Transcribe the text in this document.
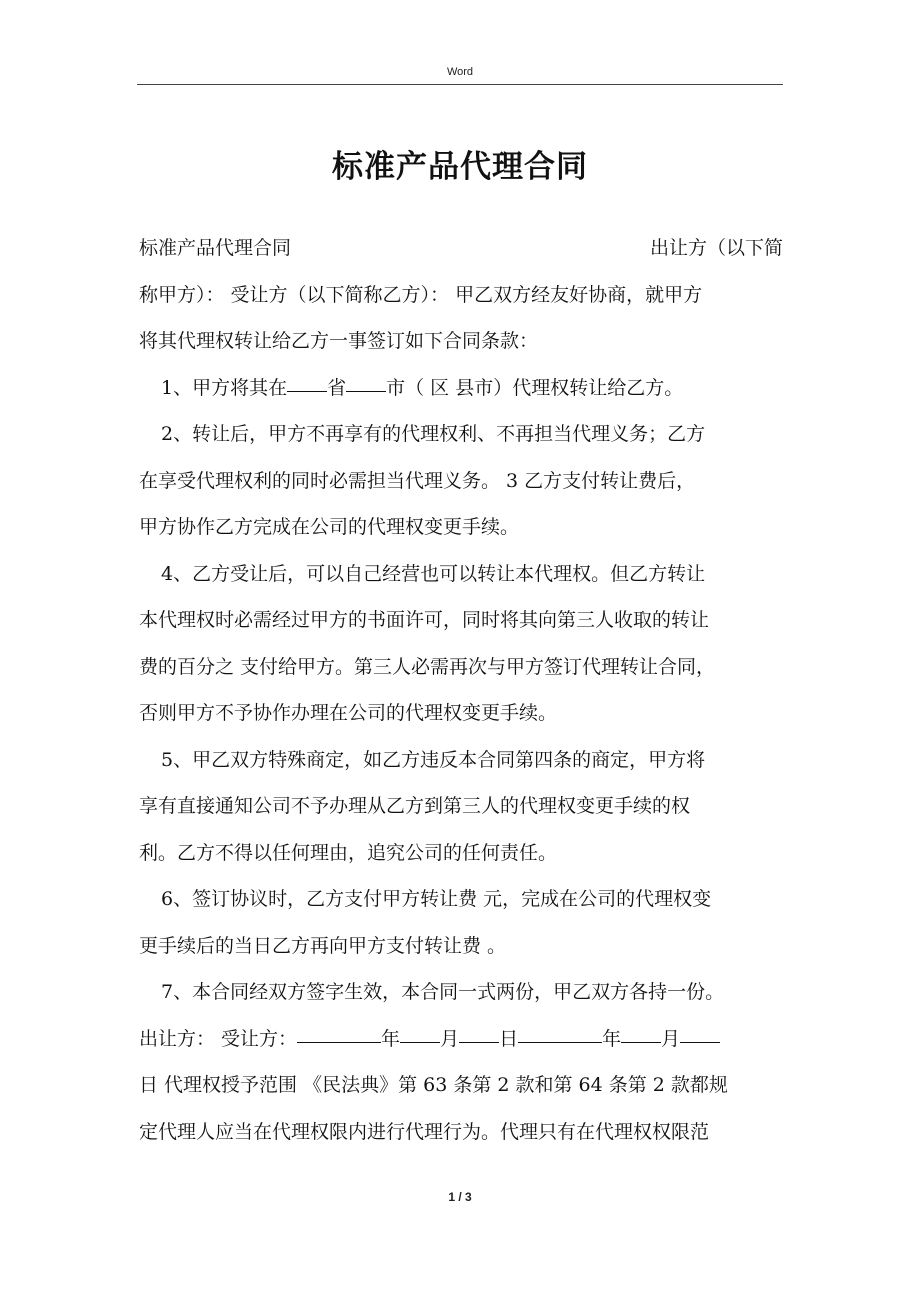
Word
标准产品代理合同
标准产品代理合同	出让方（以下简
称甲方）： 受让方（以下简称乙方）： 甲乙双方经友好协商，就甲方
将其代理权转让给乙方一事签订如下合同条款：
1、甲方将其在 省 市（ 区 县市）代理权转让给乙方。
2、转让后，甲方不再享有的代理权利、不再担当代理义务；乙方
在享受代理权利的同时必需担当代理义务。 3 乙方支付转让费后，
甲方协作乙方完成在公司的代理权变更手续。
4、乙方受让后，可以自己经营也可以转让本代理权。但乙方转让
本代理权时必需经过甲方的书面许可，同时将其向第三人收取的转让
费的百分之 支付给甲方。第三人必需再次与甲方签订代理转让合同，
否则甲方不予协作办理在公司的代理权变更手续。
5、甲乙双方特殊商定，如乙方违反本合同第四条的商定，甲方将
享有直接通知公司不予办理从乙方到第三人的代理权变更手续的权
利。乙方不得以任何理由，追究公司的任何责任。
6、签订协议时，乙方支付甲方转让费 元，完成在公司的代理权变
更手续后的当日乙方再向甲方支付转让费 。
7、本合同经双方签字生效，本合同一式两份，甲乙双方各持一份。
出让方： 受让方：	年 月 日	年 月
日 代理权授予范围 《民法典》第 63 条第 2 款和第 64 条第 2 款都规
定代理人应当在代理权限内进行代理行为。代理只有在代理权权限范
1 / 3
